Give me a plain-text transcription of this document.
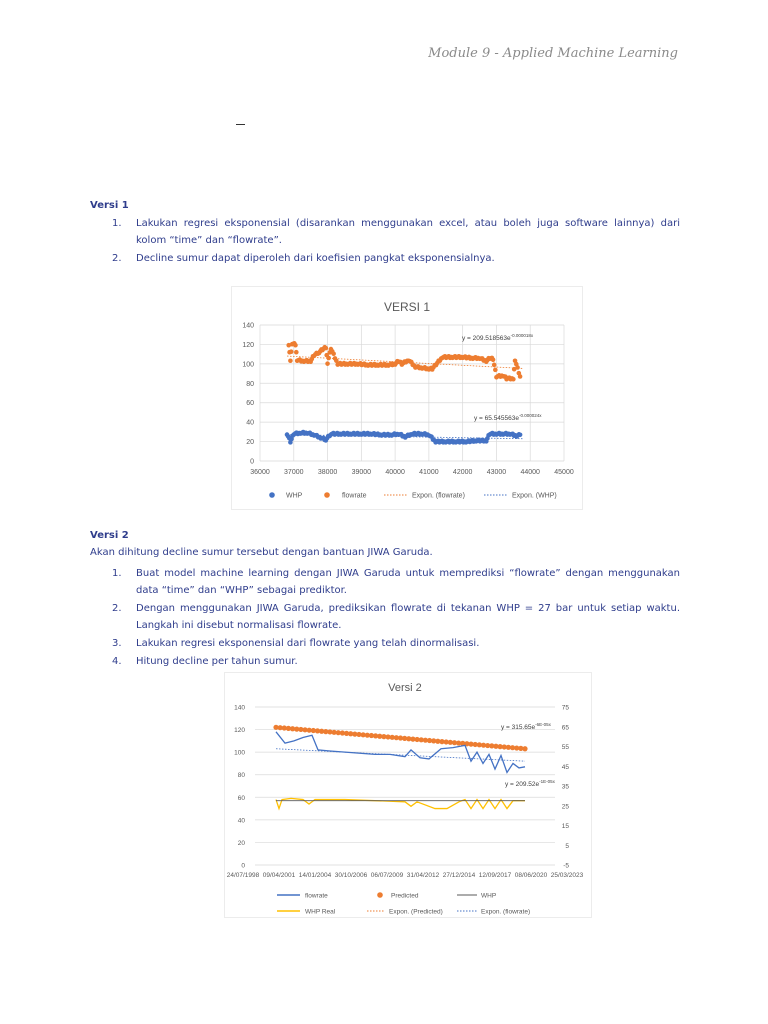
Module 9 - Applied Machine Learning
Versi 1
1. Lakukan regresi eksponensial (disarankan menggunakan excel, atau boleh juga software lainnya) dari kolom “time” dan “flowrate”.
2. Decline sumur dapat diperoleh dari koefisien pangkat eksponensialnya.
VERSI 1
0
20
40
60
80
100
120
140
36000 37000 38000 39000 40000 41000 42000 43000 44000 45000
$y = 209.518563e^{-0.000018x}$
$y = 65.545563e^{-0.000024x}$
WHP	flowrate	Expon. (flowrate)	Expon. (WHP)
Versi 2
Akan dihitung decline sumur tersebut dengan bantuan JIWA Garuda.
1. Buat model machine learning dengan JIWA Garuda untuk memprediksi “flowrate” dengan menggunakan data “time” dan “WHP” sebagai prediktor.
2. Dengan menggunakan JIWA Garuda, prediksikan flowrate di tekanan WHP = 27 bar untuk setiap waktu. Langkah ini disebut normalisasi flowrate.
3. Lakukan regresi eksponensial dari flowrate yang telah dinormalisasi.
4. Hitung decline per tahun sumur.
Versi 2
0
20
40
60
80
100
120
140
-5
5
15
25
35
45
55
65
75
24/07/1998 09/04/2001 14/01/2004 30/10/2006 06/07/2009 31/04/2012 27/12/2014 12/09/2017 08/06/2020 25/03/2023
$y = 315.65e^{-6E-05x}$
$y = 209.52e^{-1E-05x}$
flowrate	Predicted	WHP
WHP Real	Expon. (Predicted)	Expon. (flowrate)
